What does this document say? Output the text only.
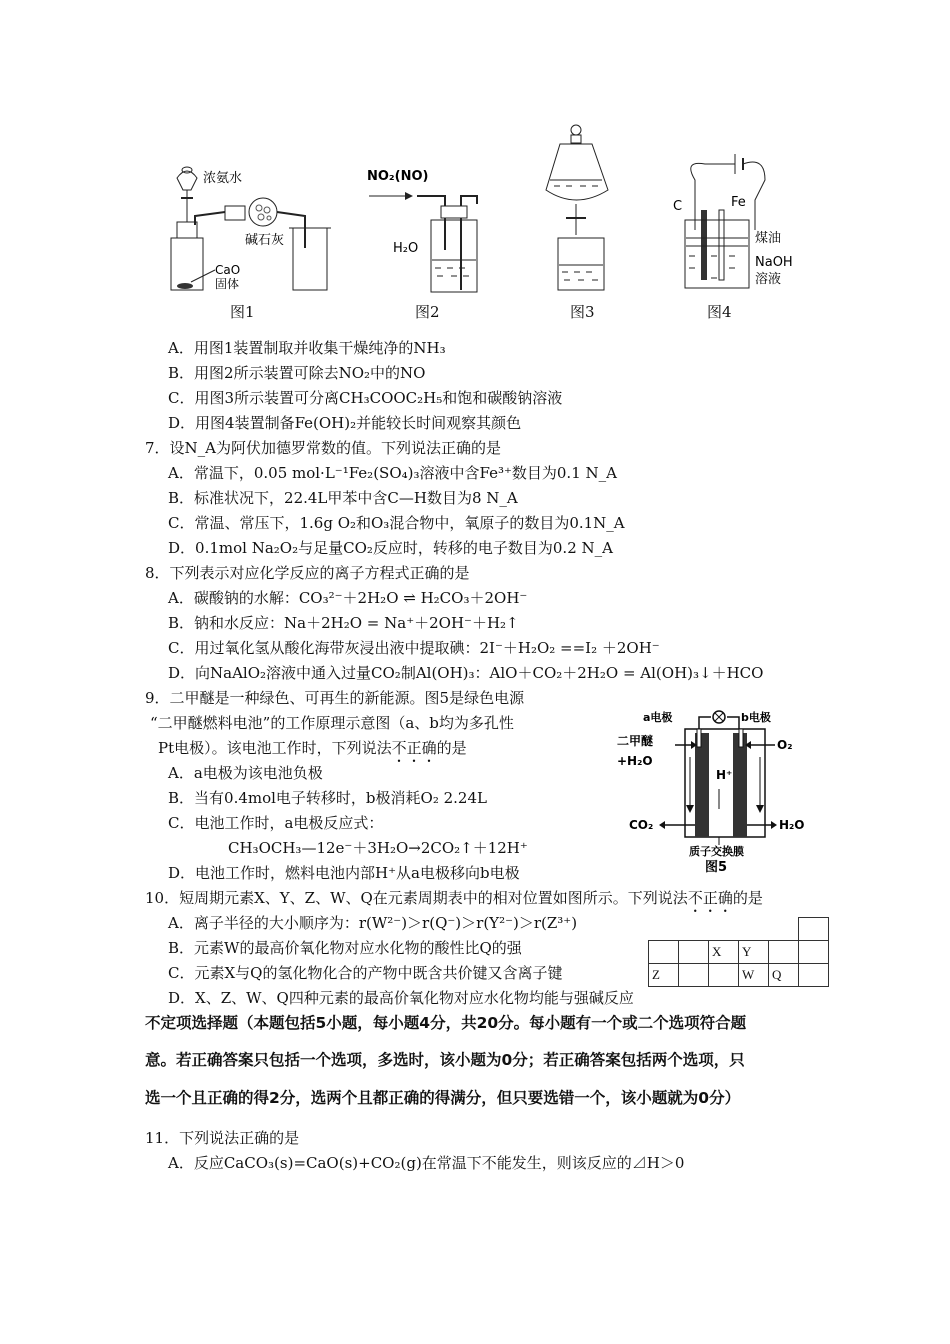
浓氨水
碱石灰
CaO
固体
图1
NO₂(NO)
H₂O
图2	图3
C	Fe
煤油
NaOH
溶液
图4
A．用图1装置制取并收集干燥纯净的NH₃
B．用图2所示装置可除去NO₂中的NO
C．用图3所示装置可分离CH₃COOC₂H₅和饱和碳酸钠溶液
D．用图4装置制备Fe(OH)₂并能较长时间观察其颜色
7．设N_A为阿伏加德罗常数的值。下列说法正确的是
A．常温下，0.05 mol·L⁻¹Fe₂(SO₄)₃溶液中含Fe³⁺数目为0.1 N_A
B．标准状况下，22.4L甲苯中含C—H数目为8 N_A
C．常温、常压下，1.6g O₂和O₃混合物中，氧原子的数目为0.1N_A
D．0.1mol Na₂O₂与足量CO₂反应时，转移的电子数目为0.2 N_A
8．下列表示对应化学反应的离子方程式正确的是
A．碳酸钠的水解：CO₃²⁻＋2H₂O ⇌ H₂CO₃＋2OH⁻
B．钠和水反应：Na＋2H₂O = Na⁺＋2OH⁻＋H₂↑
C．用过氧化氢从酸化海带灰浸出液中提取碘：2I⁻＋H₂O₂ ==I₂ ＋2OH⁻
D．向NaAlO₂溶液中通入过量CO₂制Al(OH)₃：AlO＋CO₂＋2H₂O = Al(OH)₃↓＋HCO
9．二甲醚是一种绿色、可再生的新能源。图5是绿色电源
“二甲醚燃料电池”的工作原理示意图（a、b均为多孔性
Pt电极）。该电池工作时，下列说法不正确的是
A．a电极为该电池负极
B．当有0.4mol电子转移时，b极消耗O₂ 2.24L
C．电池工作时，a电极反应式：
CH₃OCH₃—12e⁻＋3H₂O→2CO₂↑＋12H⁺
D．电池工作时，燃料电池内部H⁺从a电极移向b电极
a电极	b电极
H⁺
二甲醚
+H₂O
O₂
CO₂	H₂O
质子交换膜
图5
10．短周期元素X、Y、Z、W、Q在元素周期表中的相对位置如图所示。下列说法不正确的是
A．离子半径的大小顺序为：r(W²⁻)＞r(Q⁻)＞r(Y²⁻)＞r(Z³⁺)
B．元素W的最高价氧化物对应水化物的酸性比Q的强
C．元素X与Q的氢化物化合的产物中既含共价键又含离子键
D．X、Z、W、Q四种元素的最高价氧化物对应水化物均能与强碱反应

		X	Y		
Z			W	Q	
不定项选择题（本题包括5小题，每小题4分，共20分。每小题有一个或二个选项符合题
意。若正确答案只包括一个选项，多选时，该小题为0分；若正确答案包括两个选项，只
选一个且正确的得2分，选两个且都正确的得满分，但只要选错一个，该小题就为0分）
11．下列说法正确的是
A．反应CaCO₃(s)=CaO(s)+CO₂(g)在常温下不能发生，则该反应的⊿H＞0
